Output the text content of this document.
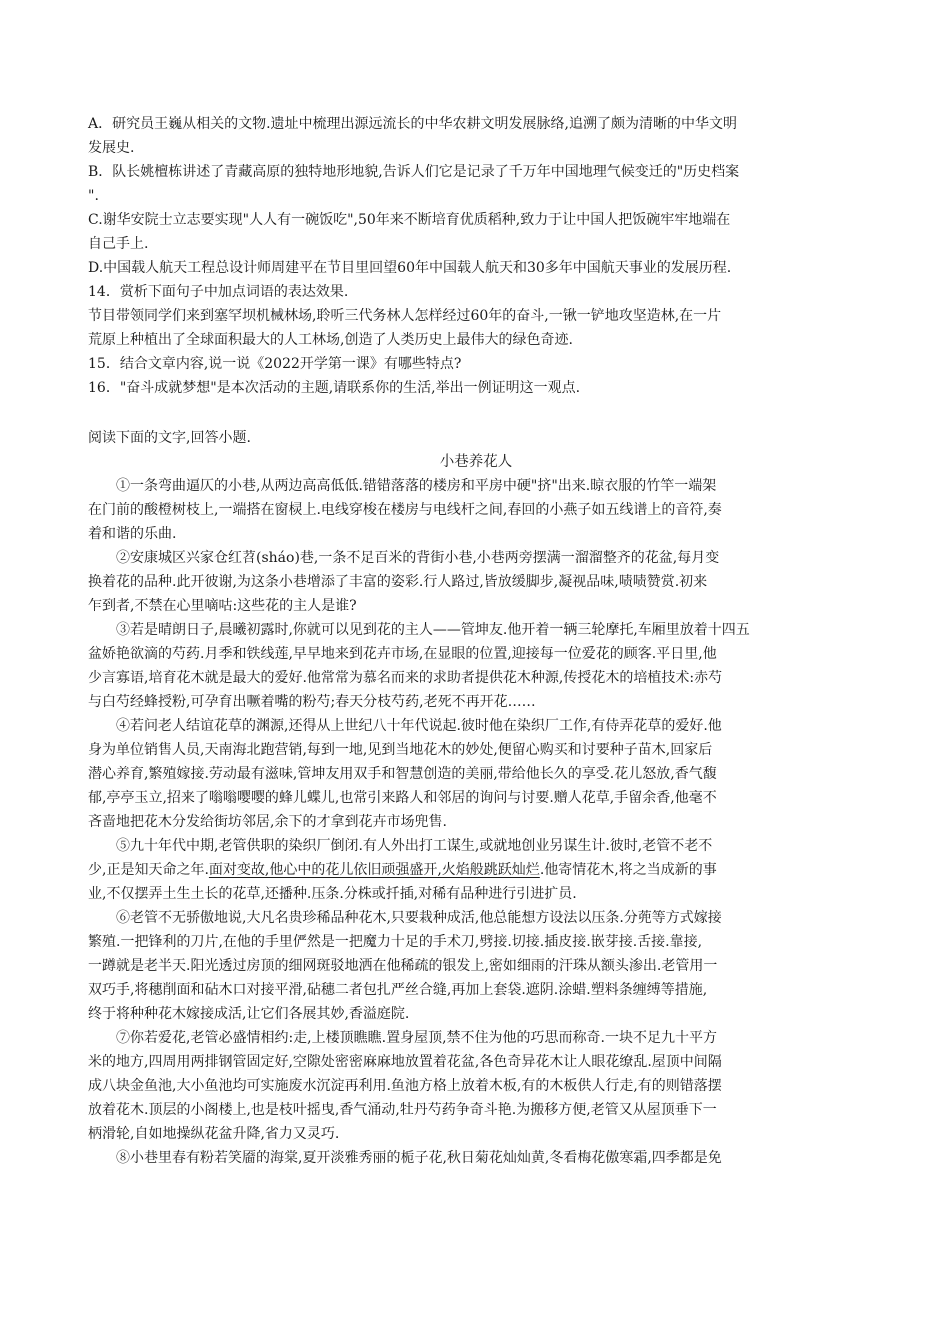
A．研究员王巍从相关的文物.遗址中梳理出源远流长的中华农耕文明发展脉络,追溯了颇为清晰的中华文明
发展史.
B．队长姚檀栋讲述了青藏高原的独特地形地貌,告诉人们它是记录了千万年中国地理气候变迁的"历史档案
".
C.谢华安院士立志要实现"人人有一碗饭吃",50年来不断培育优质稻种,致力于让中国人把饭碗牢牢地端在
自己手上.
D.中国载人航天工程总设计师周建平在节目里回望60年中国载人航天和30多年中国航天事业的发展历程.
14．赏析下面句子中加点词语的表达效果.
节目带领同学们来到塞罕坝机械林场,聆听三代务林人怎样经过60年的奋斗,一锹一铲地攻坚造林,在一片
荒原上种植出了全球面积最大的人工林场,创造了人类历史上最伟大的绿色奇迹.
15．结合文章内容,说一说《2022开学第一课》有哪些特点?
16．"奋斗成就梦想"是本次活动的主题,请联系你的生活,举出一例证明这一观点.
阅读下面的文字,回答小题.
小巷养花人
①一条弯曲逼仄的小巷,从两边高高低低.错错落落的楼房和平房中硬"挤"出来.晾衣服的竹竿一端架
在门前的酸橙树枝上,一端搭在窗棂上.电线穿梭在楼房与电线杆之间,春回的小燕子如五线谱上的音符,奏
着和谐的乐曲.
②安康城区兴家仓红苕(sháo)巷,一条不足百米的背街小巷,小巷两旁摆满一溜溜整齐的花盆,每月变
换着花的品种.此开彼谢,为这条小巷增添了丰富的姿彩.行人路过,皆放缓脚步,凝视品味,啧啧赞赏.初来
乍到者,不禁在心里嘀咕:这些花的主人是谁?
③若是晴朗日子,晨曦初露时,你就可以见到花的主人——管坤友.他开着一辆三轮摩托,车厢里放着十四五
盆娇艳欲滴的芍药.月季和铁线莲,早早地来到花卉市场,在显眼的位置,迎接每一位爱花的顾客.平日里,他
少言寡语,培育花木就是最大的爱好.他常常为慕名而来的求助者提供花木种源,传授花木的培植技术:赤芍
与白芍经蜂授粉,可孕育出噘着嘴的粉芍;春天分枝芍药,老死不再开花……
④若问老人结谊花草的渊源,还得从上世纪八十年代说起.彼时他在染织厂工作,有侍弄花草的爱好.他
身为单位销售人员,天南海北跑营销,每到一地,见到当地花木的妙处,便留心购买和讨要种子苗木,回家后
潜心养育,繁殖嫁接.劳动最有滋味,管坤友用双手和智慧创造的美丽,带给他长久的享受.花儿怒放,香气馥
郁,亭亭玉立,招来了嗡嗡嘤嘤的蜂儿蝶儿,也常引来路人和邻居的询问与讨要.赠人花草,手留余香,他毫不
吝啬地把花木分发给街坊邻居,余下的才拿到花卉市场兜售.
⑤九十年代中期,老管供职的染织厂倒闭.有人外出打工谋生,或就地创业另谋生计.彼时,老管不老不
少,正是知天命之年.面对变故,他心中的花儿依旧顽强盛开,火焰般跳跃灿烂.他寄情花木,将之当成新的事
业,不仅摆弄土生土长的花草,还播种.压条.分株或扦插,对稀有品种进行引进扩员.
⑥老管不无骄傲地说,大凡名贵珍稀品种花木,只要栽种成活,他总能想方设法以压条.分蔸等方式嫁接
繁殖.一把锋利的刀片,在他的手里俨然是一把魔力十足的手术刀,劈接.切接.插皮接.嵌芽接.舌接.靠接,
一蹲就是老半天.阳光透过房顶的细网斑驳地洒在他稀疏的银发上,密如细雨的汗珠从额头渗出.老管用一
双巧手,将穗削面和砧木口对接平滑,砧穗二者包扎严丝合缝,再加上套袋.遮阴.涂蜡.塑料条缠缚等措施,
终于将种种花木嫁接成活,让它们各展其妙,香溢庭院.
⑦你若爱花,老管必盛情相约:走,上楼顶瞧瞧.置身屋顶,禁不住为他的巧思而称奇.一块不足九十平方
米的地方,四周用两排钢管固定好,空隙处密密麻麻地放置着花盆,各色奇异花木让人眼花缭乱.屋顶中间隔
成八块金鱼池,大小鱼池均可实施废水沉淀再利用.鱼池方格上放着木板,有的木板供人行走,有的则错落摆
放着花木.顶层的小阁楼上,也是枝叶摇曳,香气涌动,牡丹芍药争奇斗艳.为搬移方便,老管又从屋顶垂下一
柄滑轮,自如地操纵花盆升降,省力又灵巧.
⑧小巷里春有粉若笑靥的海棠,夏开淡雅秀丽的栀子花,秋日菊花灿灿黄,冬看梅花傲寒霜,四季都是免
